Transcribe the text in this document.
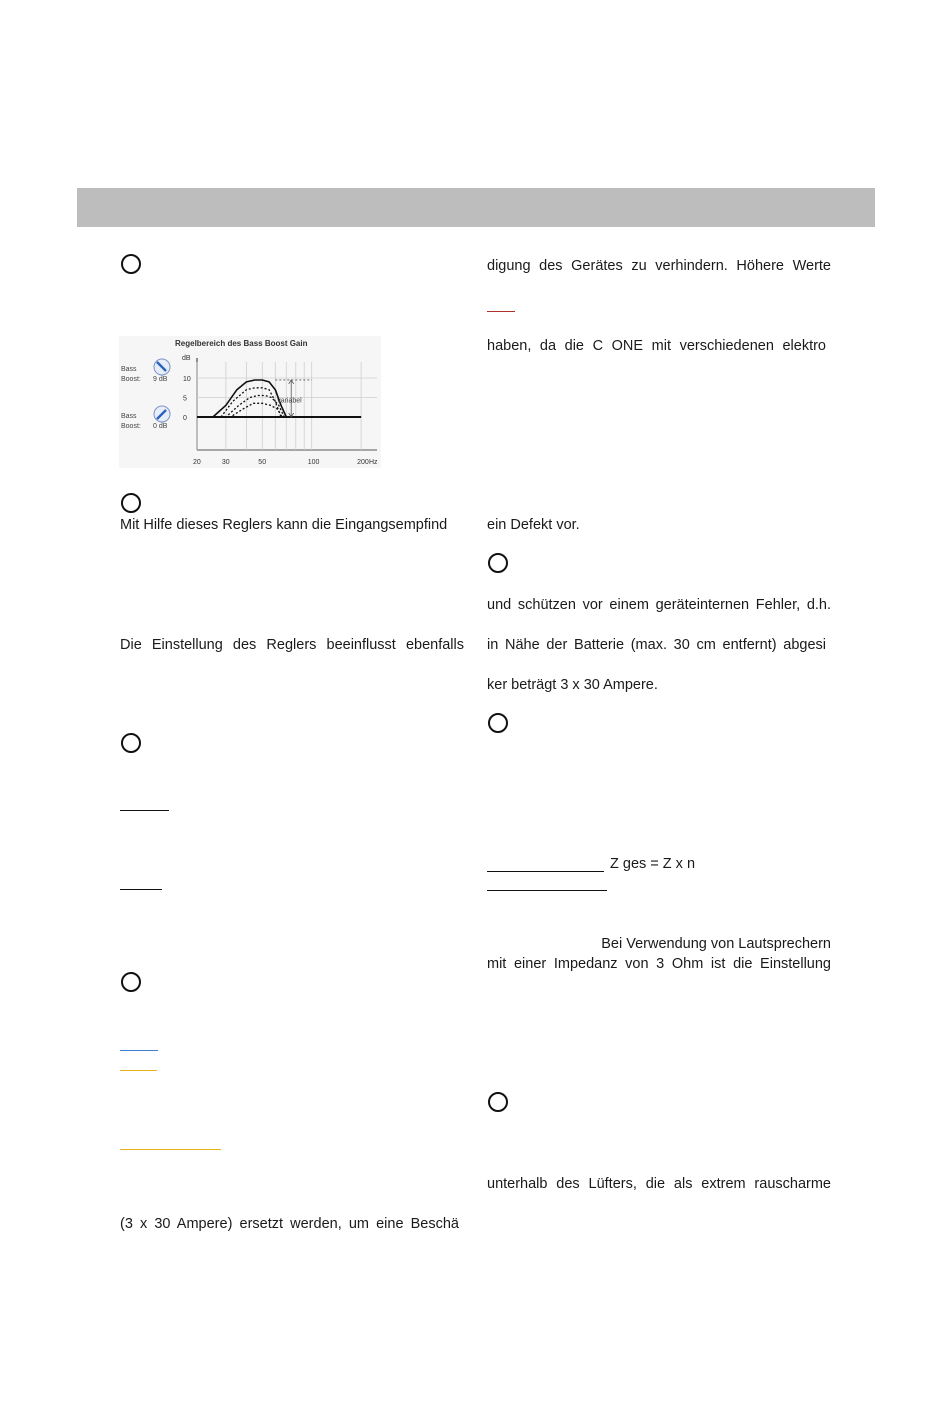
Regelbereich des Bass Boost Gain
dB
20	30	50	100	200 Hz
10
5
0
Bass
Boost: 9 dB
Bass
Boost: 0 dB
variabel
Mit Hilfe dieses Reglers kann die Eingangsempfind
Die Einstellung des Reglers beeinflusst ebenfalls
(3 x 30 Ampere) ersetzt werden, um eine Beschä
digung des Gerätes zu verhindern. Höhere Werte
haben, da die C ONE mit verschiedenen elektro
ein Defekt vor.
und schützen vor einem geräteinternen Fehler, d.h.
in Nähe der Batterie (max. 30 cm entfernt) abgesi
ker beträgt 3 x 30 Ampere.
Z ges = Z x n
Bei Verwendung von Lautsprechern
mit einer Impedanz von 3 Ohm ist die Einstellung
unterhalb des Lüfters, die als extrem rauscharme
